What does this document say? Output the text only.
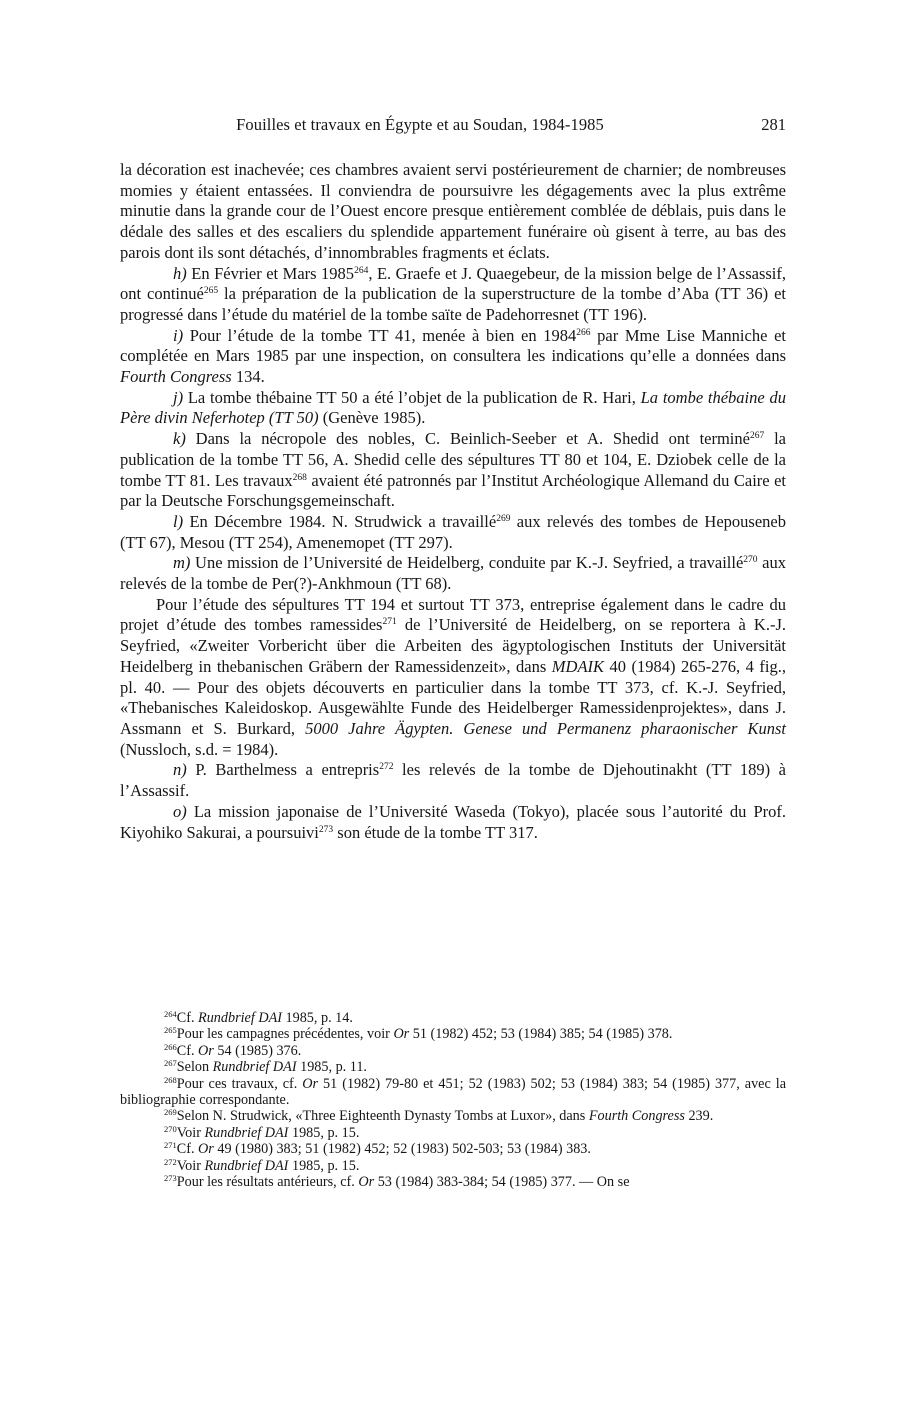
Fouilles et travaux en Égypte et au Soudan, 1984-1985	281

la décoration est inachevée; ces chambres avaient servi postérieurement de charnier; de nombreuses momies y étaient entassées. Il conviendra de poursuivre les dégagements avec la plus extrême minutie dans la grande cour de l’Ouest encore presque entièrement comblée de déblais, puis dans le dédale des salles et des escaliers du splendide appartement funéraire où gisent à terre, au bas des parois dont ils sont détachés, d’innombrables fragments et éclats.

h) En Février et Mars 1985$^{264}$, E. Graefe et J. Quaegebeur, de la mission belge de l’Assassif, ont continué$^{265}$ la préparation de la publication de la superstructure de la tombe d’Aba (TT 36) et progressé dans l’étude du matériel de la tombe saïte de Padehorresnet (TT 196).

i) Pour l’étude de la tombe TT 41, menée à bien en 1984$^{266}$ par Mme Lise Manniche et complétée en Mars 1985 par une inspection, on consultera les indications qu’elle a données dans Fourth Congress 134.

j) La tombe thébaine TT 50 a été l’objet de la publication de R. Hari, La tombe thébaine du Père divin Neferhotep (TT 50) (Genève 1985).

k) Dans la nécropole des nobles, C. Beinlich-Seeber et A. Shedid ont terminé$^{267}$ la publication de la tombe TT 56, A. Shedid celle des sépultures TT 80 et 104, E. Dziobek celle de la tombe TT 81. Les travaux$^{268}$ avaient été patronnés par l’Institut Archéologique Allemand du Caire et par la Deutsche Forschungsgemeinschaft.

l) En Décembre 1984. N. Strudwick a travaillé$^{269}$ aux relevés des tombes de Hepouseneb (TT 67), Mesou (TT 254), Amenemopet (TT 297).

m) Une mission de l’Université de Heidelberg, conduite par K.-J. Seyfried, a travaillé$^{270}$ aux relevés de la tombe de Per(?)-Ankhmoun (TT 68).

Pour l’étude des sépultures TT 194 et surtout TT 373, entreprise également dans le cadre du projet d’étude des tombes ramessides$^{271}$ de l’Université de Heidelberg, on se reportera à K.-J. Seyfried, «Zweiter Vorbericht über die Arbeiten des ägyptologischen Instituts der Universität Heidelberg in thebanischen Gräbern der Ramessidenzeit», dans MDAIK 40 (1984) 265-276, 4 fig., pl. 40. — Pour des objets découverts en particulier dans la tombe TT 373, cf. K.-J. Seyfried, «Thebanisches Kaleidoskop. Ausgewählte Funde des Heidelberger Ramessidenprojektes», dans J. Assmann et S. Burkard, 5000 Jahre Ägypten. Genese und Permanenz pharaonischer Kunst (Nussloch, s.d. = 1984).

n) P. Barthelmess a entrepris$^{272}$ les relevés de la tombe de Djehoutinakht (TT 189) à l’Assassif.

o) La mission japonaise de l’Université Waseda (Tokyo), placée sous l’autorité du Prof. Kiyohiko Sakurai, a poursuivi$^{273}$ son étude de la tombe TT 317.

$^{264}$Cf. Rundbrief DAI 1985, p. 14.

$^{265}$Pour les campagnes précédentes, voir Or 51 (1982) 452; 53 (1984) 385; 54 (1985) 378.

$^{266}$Cf. Or 54 (1985) 376.

$^{267}$Selon Rundbrief DAI 1985, p. 11.

$^{268}$Pour ces travaux, cf. Or 51 (1982) 79-80 et 451; 52 (1983) 502; 53 (1984) 383; 54 (1985) 377, avec la bibliographie correspondante.

$^{269}$Selon N. Strudwick, «Three Eighteenth Dynasty Tombs at Luxor», dans Fourth Congress 239.

$^{270}$Voir Rundbrief DAI 1985, p. 15.

$^{271}$Cf. Or 49 (1980) 383; 51 (1982) 452; 52 (1983) 502-503; 53 (1984) 383.

$^{272}$Voir Rundbrief DAI 1985, p. 15.

$^{273}$Pour les résultats antérieurs, cf. Or 53 (1984) 383-384; 54 (1985) 377. — On se
